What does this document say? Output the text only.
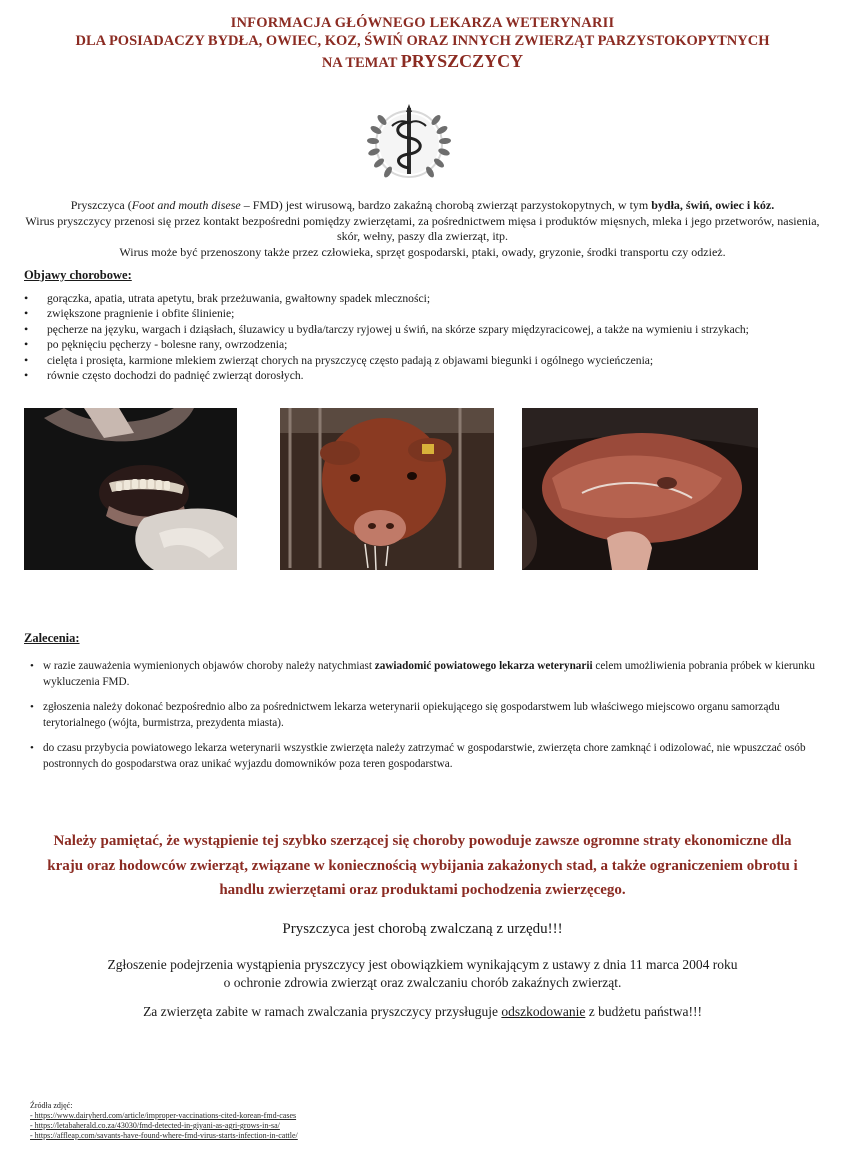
INFORMACJA GŁÓWNEGO LEKARZA WETERYNARII
DLA POSIADACZY BYDŁA, OWIEC, KOZ, ŚWIŃ ORAZ INNYCH ZWIERZĄT PARZYSTOKOPYTNYCH
NA TEMAT PRYSZCZYCY
Pryszczyca (Foot and mouth disese – FMD) jest wirusową, bardzo zakaźną chorobą zwierząt parzystokopytnych, w tym bydła, świń, owiec i kóz.
Wirus pryszczycy przenosi się przez kontakt bezpośredni pomiędzy zwierzętami, za pośrednictwem mięsa i produktów mięsnych, mleka i jego przetworów, nasienia, skór, wełny, paszy dla zwierząt, itp.
Wirus może być przenoszony także przez człowieka, sprzęt gospodarski, ptaki, owady, gryzonie, środki transportu czy odzież.
Objawy chorobowe:
• gorączka, apatia, utrata apetytu, brak przeżuwania, gwałtowny spadek mleczności;
• zwiększone pragnienie i obfite ślinienie;
• pęcherze na języku, wargach i dziąsłach, śluzawicy u bydła/tarczy ryjowej u świń, na skórze szpary międzyracicowej, a także na wymieniu i strzykach;
• po pęknięciu pęcherzy - bolesne rany, owrzodzenia;
• cielęta i prosięta, karmione mlekiem zwierząt chorych na pryszczycę często padają z objawami biegunki i ogólnego wycieńczenia;
• równie często dochodzi do padnięć zwierząt dorosłych.
Zalecenia:
• w razie zauważenia wymienionych objawów choroby należy natychmiast zawiadomić powiatowego lekarza weterynarii celem umożliwienia pobrania próbek w kierunku wykluczenia FMD.
• zgłoszenia należy dokonać bezpośrednio albo za pośrednictwem lekarza weterynarii opiekującego się gospodarstwem lub właściwego miejscowo organu samorządu terytorialnego (wójta, burmistrza, prezydenta miasta).
• do czasu przybycia powiatowego lekarza weterynarii wszystkie zwierzęta należy zatrzymać w gospodarstwie, zwierzęta chore zamknąć i odizolować, nie wpuszczać osób postronnych do gospodarstwa oraz unikać wyjazdu domowników poza teren gospodarstwa.
Należy pamiętać, że wystąpienie tej szybko szerzącej się choroby powoduje zawsze ogromne straty ekonomiczne dla kraju oraz hodowców zwierząt, związane w koniecznością wybijania zakażonych stad, a także ograniczeniem obrotu i handlu zwierzętami oraz produktami pochodzenia zwierzęcego.
Pryszczyca jest chorobą zwalczaną z urzędu!!!
Zgłoszenie podejrzenia wystąpienia pryszczycy jest obowiązkiem wynikającym z ustawy z dnia 11 marca 2004 roku
o ochronie zdrowia zwierząt oraz zwalczaniu chorób zakaźnych zwierząt.
Za zwierzęta zabite w ramach zwalczania pryszczycy przysługuje odszkodowanie z budżetu państwa!!!
Źródła zdjęć:
- https://www.dairyherd.com/article/improper-vaccinations-cited-korean-fmd-cases
- https://letabaherald.co.za/43030/fmd-detected-in-giyani-as-agri-grows-in-sa/
- https://affleap.com/savants-have-found-where-fmd-virus-starts-infection-in-cattle/
